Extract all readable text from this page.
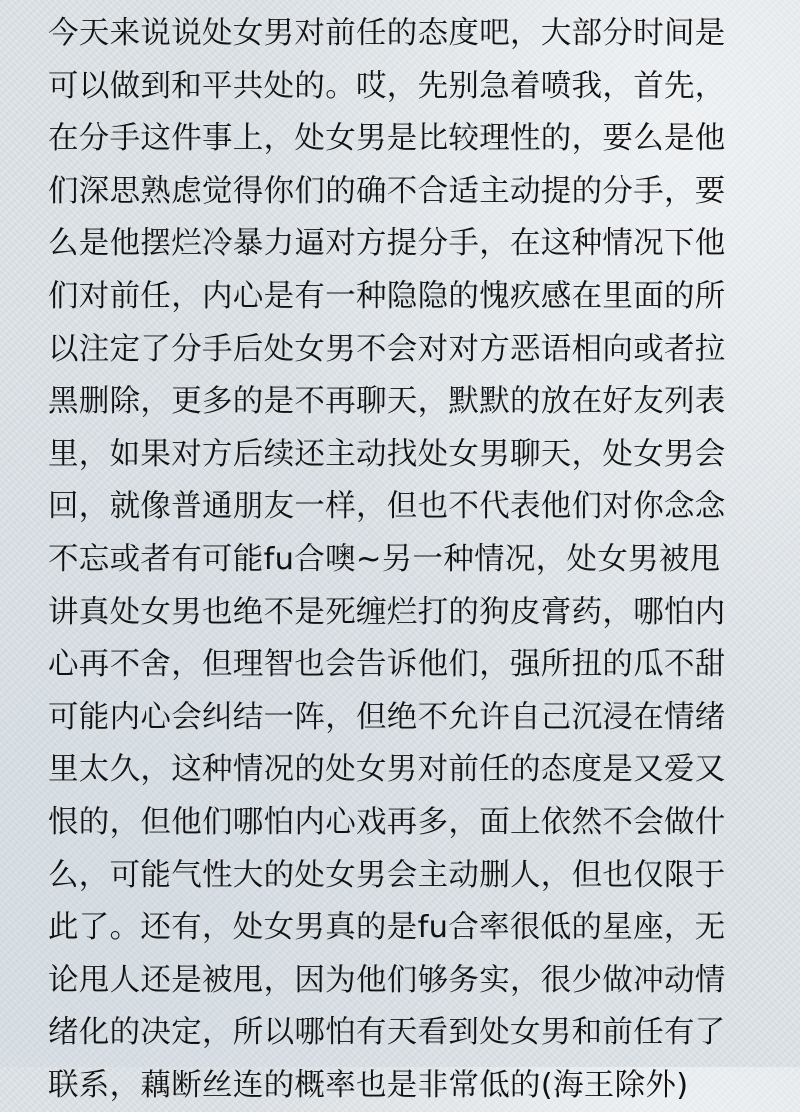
今天来说说处女男对前任的态度吧，大部分时间是
可以做到和平共处的。哎，先别急着喷我，首先，
在分手这件事上，处女男是比较理性的，要么是他
们深思熟虑觉得你们的确不合适主动提的分手，要
么是他摆烂冷暴力逼对方提分手，在这种情况下他
们对前任，内心是有一种隐隐的愧疚感在里面的所
以注定了分手后处女男不会对对方恶语相向或者拉
黑删除，更多的是不再聊天，默默的放在好友列表
里，如果对方后续还主动找处女男聊天，处女男会
回，就像普通朋友一样，但也不代表他们对你念念
不忘或者有可能fu合噢~另一种情况，处女男被甩
讲真处女男也绝不是死缠烂打的狗皮膏药，哪怕内
心再不舍，但理智也会告诉他们，强所扭的瓜不甜
可能内心会纠结一阵，但绝不允许自己沉浸在情绪
里太久，这种情况的处女男对前任的态度是又爱又
恨的，但他们哪怕内心戏再多，面上依然不会做什
么，可能气性大的处女男会主动删人，但也仅限于
此了。还有，处女男真的是fu合率很低的星座，无
论甩人还是被甩，因为他们够务实，很少做冲动情
绪化的决定，所以哪怕有天看到处女男和前任有了
联系，藕断丝连的概率也是非常低的(海王除外)
